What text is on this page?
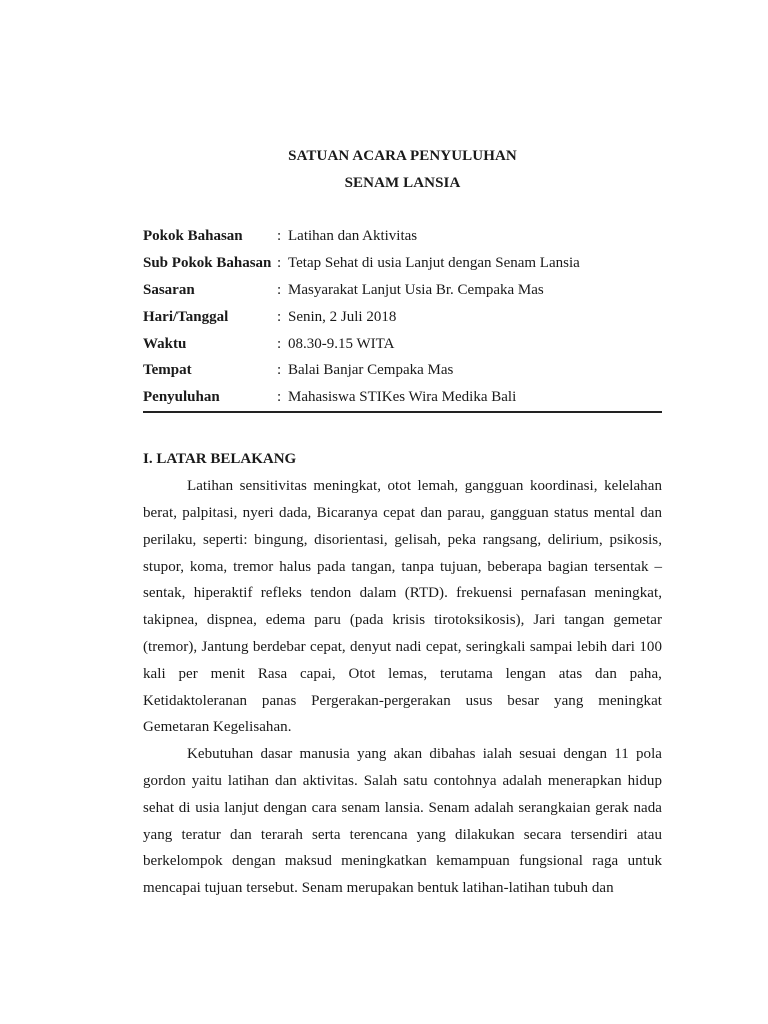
SATUAN ACARA PENYULUHAN

SENAM LANSIA

Pokok Bahasan	: Latihan dan Aktivitas
Sub Pokok Bahasan : Tetap Sehat di usia Lanjut dengan Senam Lansia
Sasaran	: Masyarakat Lanjut Usia Br. Cempaka Mas
Hari/Tanggal	: Senin, 2 Juli 2018
Waktu	: 08.30-9.15 WITA
Tempat	: Balai Banjar Cempaka Mas
Penyuluhan	: Mahasiswa STIKes Wira Medika Bali
I. LATAR BELAKANG

Latihan sensitivitas meningkat, otot lemah, gangguan koordinasi, kelelahan berat, palpitasi, nyeri dada, Bicaranya cepat dan parau, gangguan status mental dan perilaku, seperti: bingung, disorientasi, gelisah, peka rangsang, delirium, psikosis, stupor, koma, tremor halus pada tangan, tanpa tujuan, beberapa bagian tersentak – sentak, hiperaktif refleks tendon dalam (RTD). frekuensi pernafasan meningkat, takipnea, dispnea, edema paru (pada krisis tirotoksikosis), Jari tangan gemetar (tremor), Jantung berdebar cepat, denyut nadi cepat, seringkali sampai lebih dari 100 kali per menit Rasa capai, Otot lemas, terutama lengan atas dan paha, Ketidaktoleranan panas Pergerakan-pergerakan usus besar yang meningkat Gemetaran Kegelisahan.

Kebutuhan dasar manusia yang akan dibahas ialah sesuai dengan 11 pola gordon yaitu latihan dan aktivitas. Salah satu contohnya adalah menerapkan hidup sehat di usia lanjut dengan cara senam lansia. Senam adalah serangkaian gerak nada yang teratur dan terarah serta terencana yang dilakukan secara tersendiri atau berkelompok dengan maksud meningkatkan kemampuan fungsional raga untuk mencapai tujuan tersebut. Senam merupakan bentuk latihan-latihan tubuh dan
